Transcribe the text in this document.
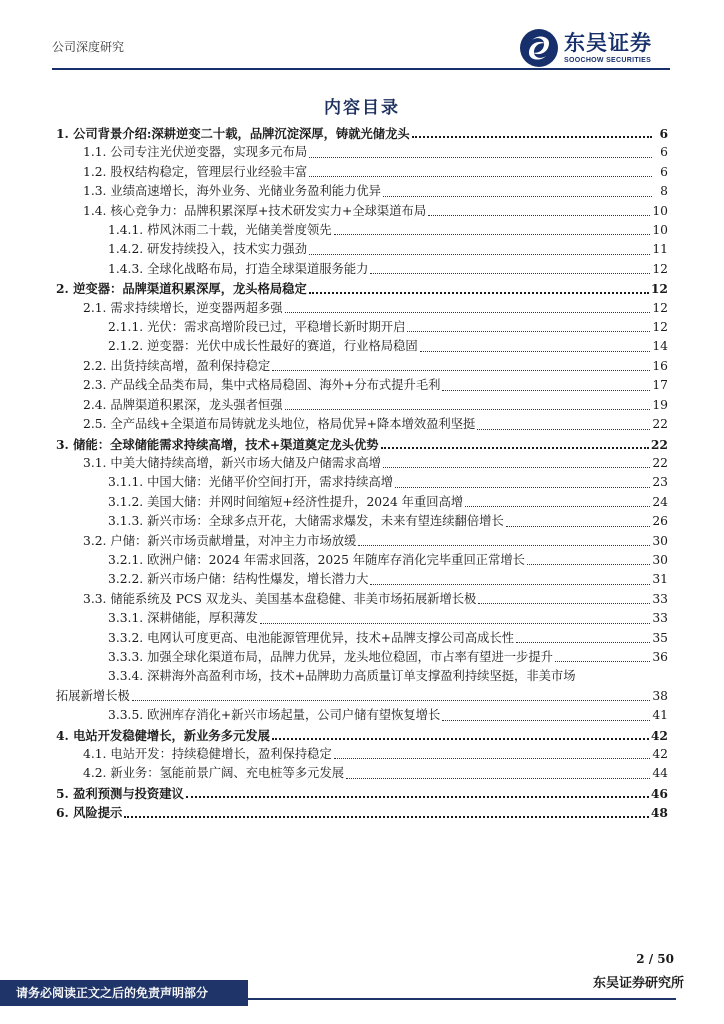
公司深度研究	东吴证券
SOOCHOW SECURITIES
内容目录
1. 公司背景介绍:深耕逆变二十载，品牌沉淀深厚，铸就光储龙头	6
1.1. 公司专注光伏逆变器，实现多元布局	6
1.2. 股权结构稳定，管理层行业经验丰富	6
1.3. 业绩高速增长，海外业务、光储业务盈利能力优异	8
1.4. 核心竞争力：品牌积累深厚+技术研发实力+全球渠道布局	10
1.4.1. 栉风沐雨二十载，光储美誉度领先	10
1.4.2. 研发持续投入，技术实力强劲	11
1.4.3. 全球化战略布局，打造全球渠道服务能力	12
2. 逆变器：品牌渠道积累深厚，龙头格局稳定	12
2.1. 需求持续增长，逆变器两超多强	12
2.1.1. 光伏：需求高增阶段已过，平稳增长新时期开启	12
2.1.2. 逆变器：光伏中成长性最好的赛道，行业格局稳固	14
2.2. 出货持续高增，盈利保持稳定	16
2.3. 产品线全品类布局，集中式格局稳固、海外+分布式提升毛利	17
2.4. 品牌渠道积累深，龙头强者恒强	19
2.5. 全产品线+全渠道布局铸就龙头地位，格局优异+降本增效盈利坚挺	22
3. 储能：全球储能需求持续高增，技术+渠道奠定龙头优势	22
3.1. 中美大储持续高增，新兴市场大储及户储需求高增	22
3.1.1. 中国大储：光储平价空间打开，需求持续高增	23
3.1.2. 美国大储：并网时间缩短+经济性提升，2024 年重回高增	24
3.1.3. 新兴市场：全球多点开花，大储需求爆发，未来有望连续翻倍增长	26
3.2. 户储：新兴市场贡献增量，对冲主力市场放缓	30
3.2.1. 欧洲户储：2024 年需求回落，2025 年随库存消化完毕重回正常增长	30
3.2.2. 新兴市场户储：结构性爆发，增长潜力大	31
3.3. 储能系统及 PCS 双龙头、美国基本盘稳健、非美市场拓展新增长极	33
3.3.1. 深耕储能，厚积薄发	33
3.3.2. 电网认可度更高、电池能源管理优异，技术+品牌支撑公司高成长性	35
3.3.3. 加强全球化渠道布局，品牌力优异，龙头地位稳固，市占率有望进一步提升	36
3.3.4. 深耕海外高盈利市场，技术+品牌助力高质量订单支撑盈利持续坚挺，非美市场
拓展新增长极	38
3.3.5. 欧洲库存消化+新兴市场起量，公司户储有望恢复增长	41
4. 电站开发稳健增长，新业务多元发展	42
4.1. 电站开发：持续稳健增长，盈利保持稳定	42
4.2. 新业务：氢能前景广阔、充电桩等多元发展	44
5. 盈利预测与投资建议	46
6. 风险提示	48
2 / 50
请务必阅读正文之后的免责声明部分
东吴证券研究所
